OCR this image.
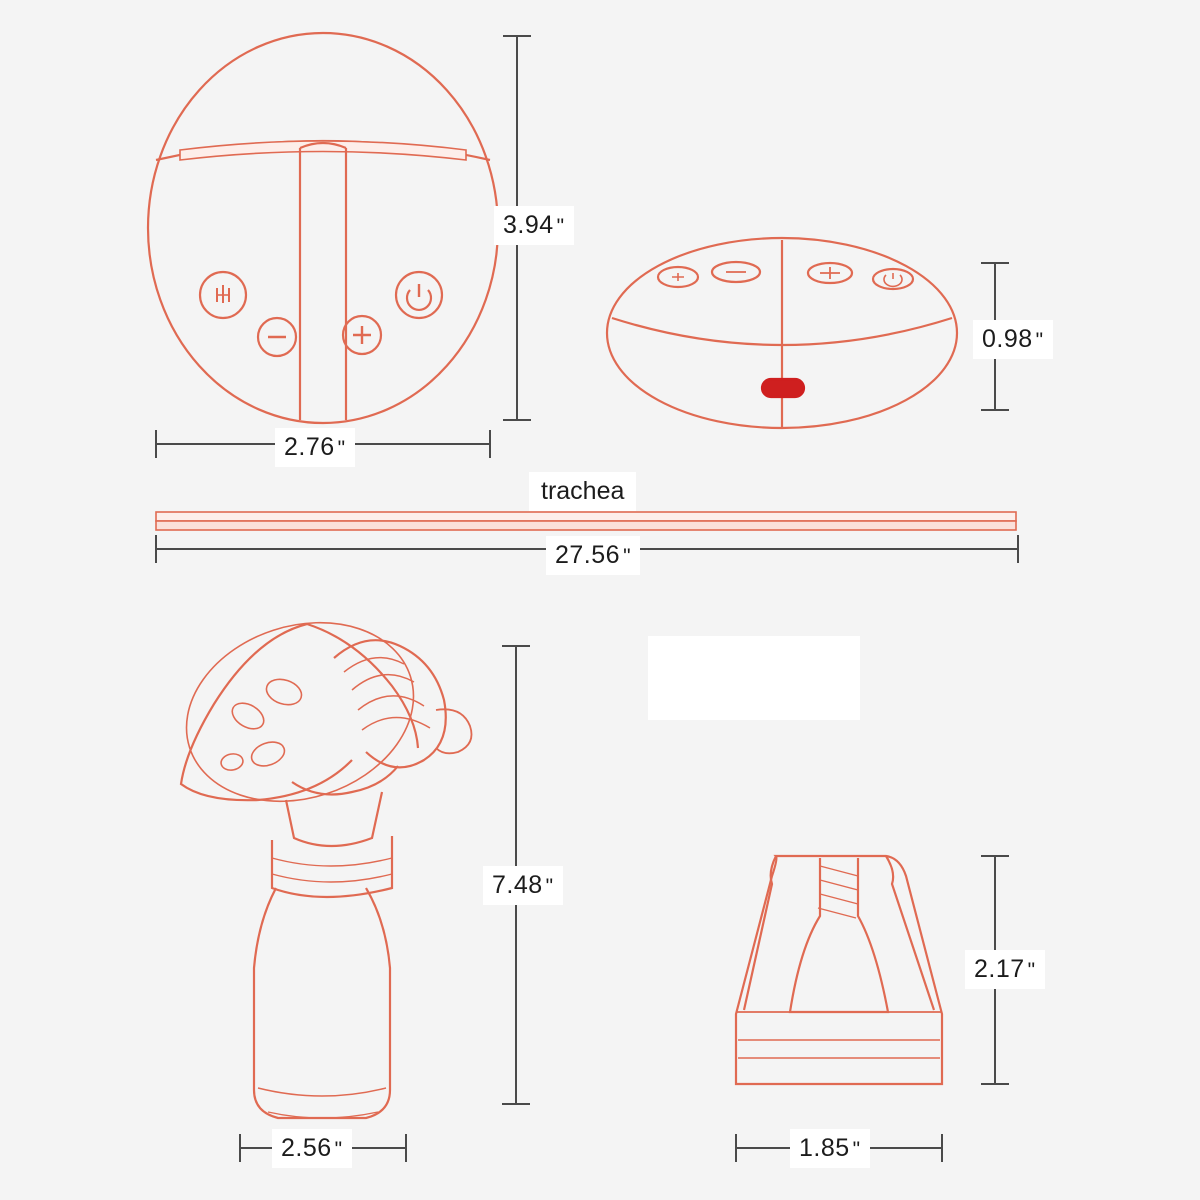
3.94 "
2.76 "
0.98 "
trachea
27.56 "
7.48 "
2.56 "
2.17 "
1.85 "
